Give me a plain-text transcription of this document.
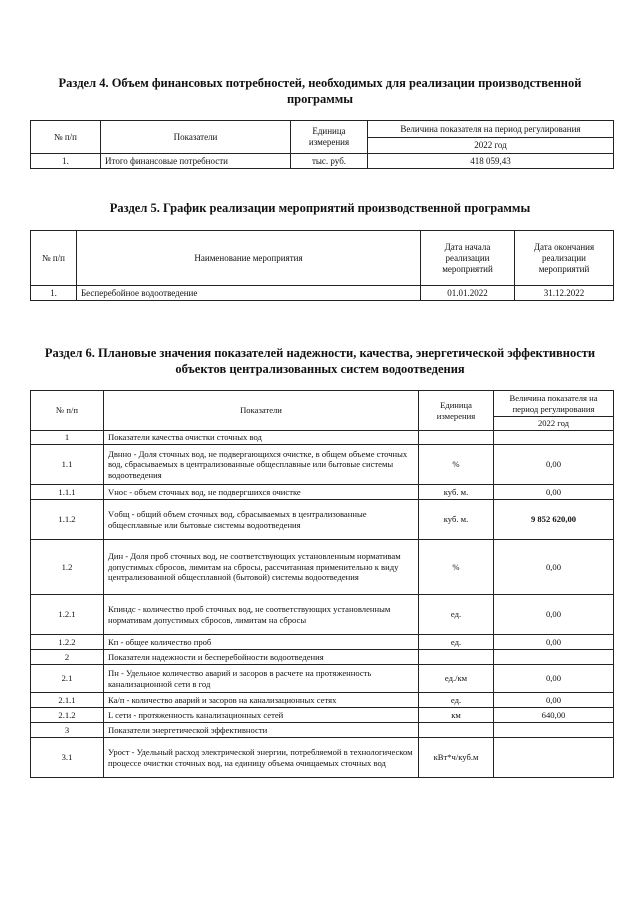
Раздел 4. Объем финансовых потребностей, необходимых для реализации производственной программы
№ п/п	Показатели	Единица измерения	Величина показателя на период регулирования
			2022 год
1.	Итого финансовые потребности	тыс. руб.	418 059,43
Раздел 5. График реализации мероприятий производственной программы
№ п/п	Наименование мероприятия	Дата начала реализации мероприятий	Дата окончания реализации мероприятий
1.	Бесперебойное водоотведение	01.01.2022	31.12.2022
Раздел 6. Плановые значения показателей надежности, качества, энергетической эффективности объектов централизованных систем водоотведения
№ п/п	Показатели	Единица измерения	Величина показателя на период регулирования
			2022 год
1	Показатели качества очистки сточных вод		
1.1	Двнно - Доля сточных вод, не подвергающихся очистке, в общем объеме сточных вод, сбрасываемых в централизованные общесплавные или бытовые системы водоотведения	%	0,00
1.1.1	Vнос - объем сточных вод, не подвергшихся очистке	куб. м.	0,00
1.1.2	Vобщ - общий объем сточных вод, сбрасываемых в централизованные общесплавные или бытовые системы водоотведения	куб. м.	9 852 620,00
1.2	Дин - Доля проб сточных вод, не соответствующих установленным нормативам допустимых сбросов, лимитам на сбросы, рассчитанная применительно к виду централизованной общесплавной (бытовой) системы водоотведения	%	0,00
1.2.1	Кпиндс - количество проб сточных вод, не соответствующих установленным нормативам допустимых сбросов, лимитам на сбросы	ед.	0,00
1.2.2	Кп - общее количество проб	ед.	0,00
2	Показатели надежности и бесперебойности водоотведения		
2.1	Пн - Удельное количество аварий и засоров в расчете на протяженность канализационной сети в год	ед./км	0,00
2.1.1	Ка/п - количество аварий и засоров на канализационных сетях	ед.	0,00
2.1.2	L сети - протяженность канализационных сетей	км	640,00
3	Показатели энергетической эффективности		
3.1	Уроcт - Удельный расход электрической энергии, потребляемой в технологическом процессе очистки сточных вод, на единицу объема очищаемых сточных вод	кВт*ч/куб.м	
